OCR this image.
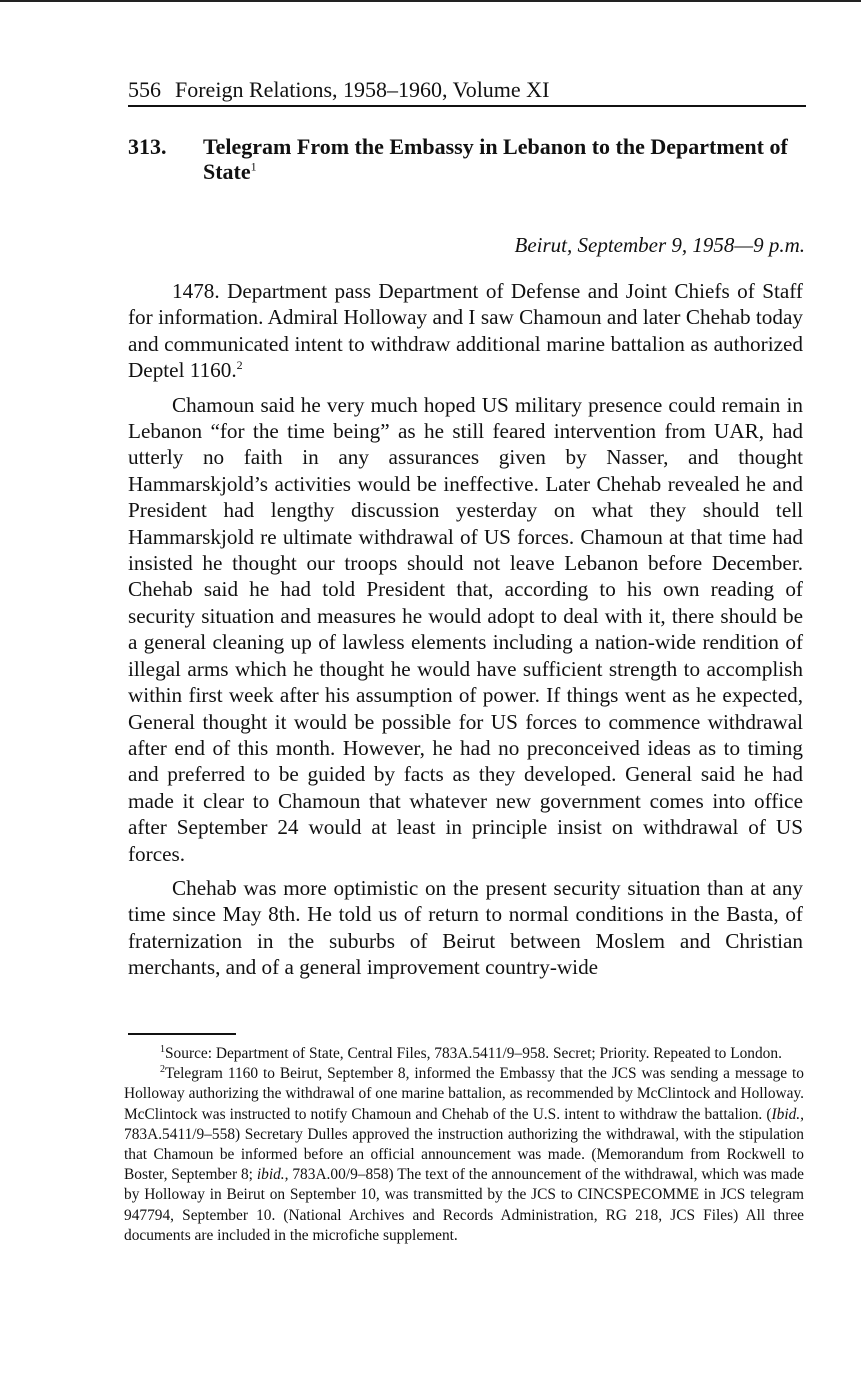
556 Foreign Relations, 1958–1960, Volume XI
313. Telegram From the Embassy in Lebanon to the Department of State$^1$
Beirut, September 9, 1958—9 p.m.

1478. Department pass Department of Defense and Joint Chiefs of Staff for information. Admiral Holloway and I saw Chamoun and later Chehab today and communicated intent to withdraw additional marine battalion as authorized Deptel 1160.$^2$

Chamoun said he very much hoped US military presence could remain in Lebanon “for the time being” as he still feared intervention from UAR, had utterly no faith in any assurances given by Nasser, and thought Hammarskjold’s activities would be ineffective. Later Chehab revealed he and President had lengthy discussion yesterday on what they should tell Hammarskjold re ultimate withdrawal of US forces. Chamoun at that time had insisted he thought our troops should not leave Lebanon before December. Chehab said he had told President that, according to his own reading of security situation and measures he would adopt to deal with it, there should be a general cleaning up of lawless elements including a nation-wide rendition of illegal arms which he thought he would have sufficient strength to accomplish within first week after his assumption of power. If things went as he expected, General thought it would be possible for US forces to commence withdrawal after end of this month. However, he had no preconceived ideas as to timing and preferred to be guided by facts as they developed. General said he had made it clear to Chamoun that whatever new government comes into office after September 24 would at least in principle insist on withdrawal of US forces.

Chehab was more optimistic on the present security situation than at any time since May 8th. He told us of return to normal conditions in the Basta, of fraternization in the suburbs of Beirut between Moslem and Christian merchants, and of a general improvement country-wide

$^1$Source: Department of State, Central Files, 783A.5411/9–958. Secret; Priority. Repeated to London.

$^2$Telegram 1160 to Beirut, September 8, informed the Embassy that the JCS was sending a message to Holloway authorizing the withdrawal of one marine battalion, as recommended by McClintock and Holloway. McClintock was instructed to notify Chamoun and Chehab of the U.S. intent to withdraw the battalion. (Ibid., 783A.5411/9–558) Secretary Dulles approved the instruction authorizing the withdrawal, with the stipulation that Chamoun be informed before an official announcement was made. (Memorandum from Rockwell to Boster, September 8; ibid., 783A.00/9–858) The text of the announcement of the withdrawal, which was made by Holloway in Beirut on September 10, was transmitted by the JCS to CINCSPECOMME in JCS telegram 947794, September 10. (National Archives and Records Administration, RG 218, JCS Files) All three documents are included in the microfiche supplement.
